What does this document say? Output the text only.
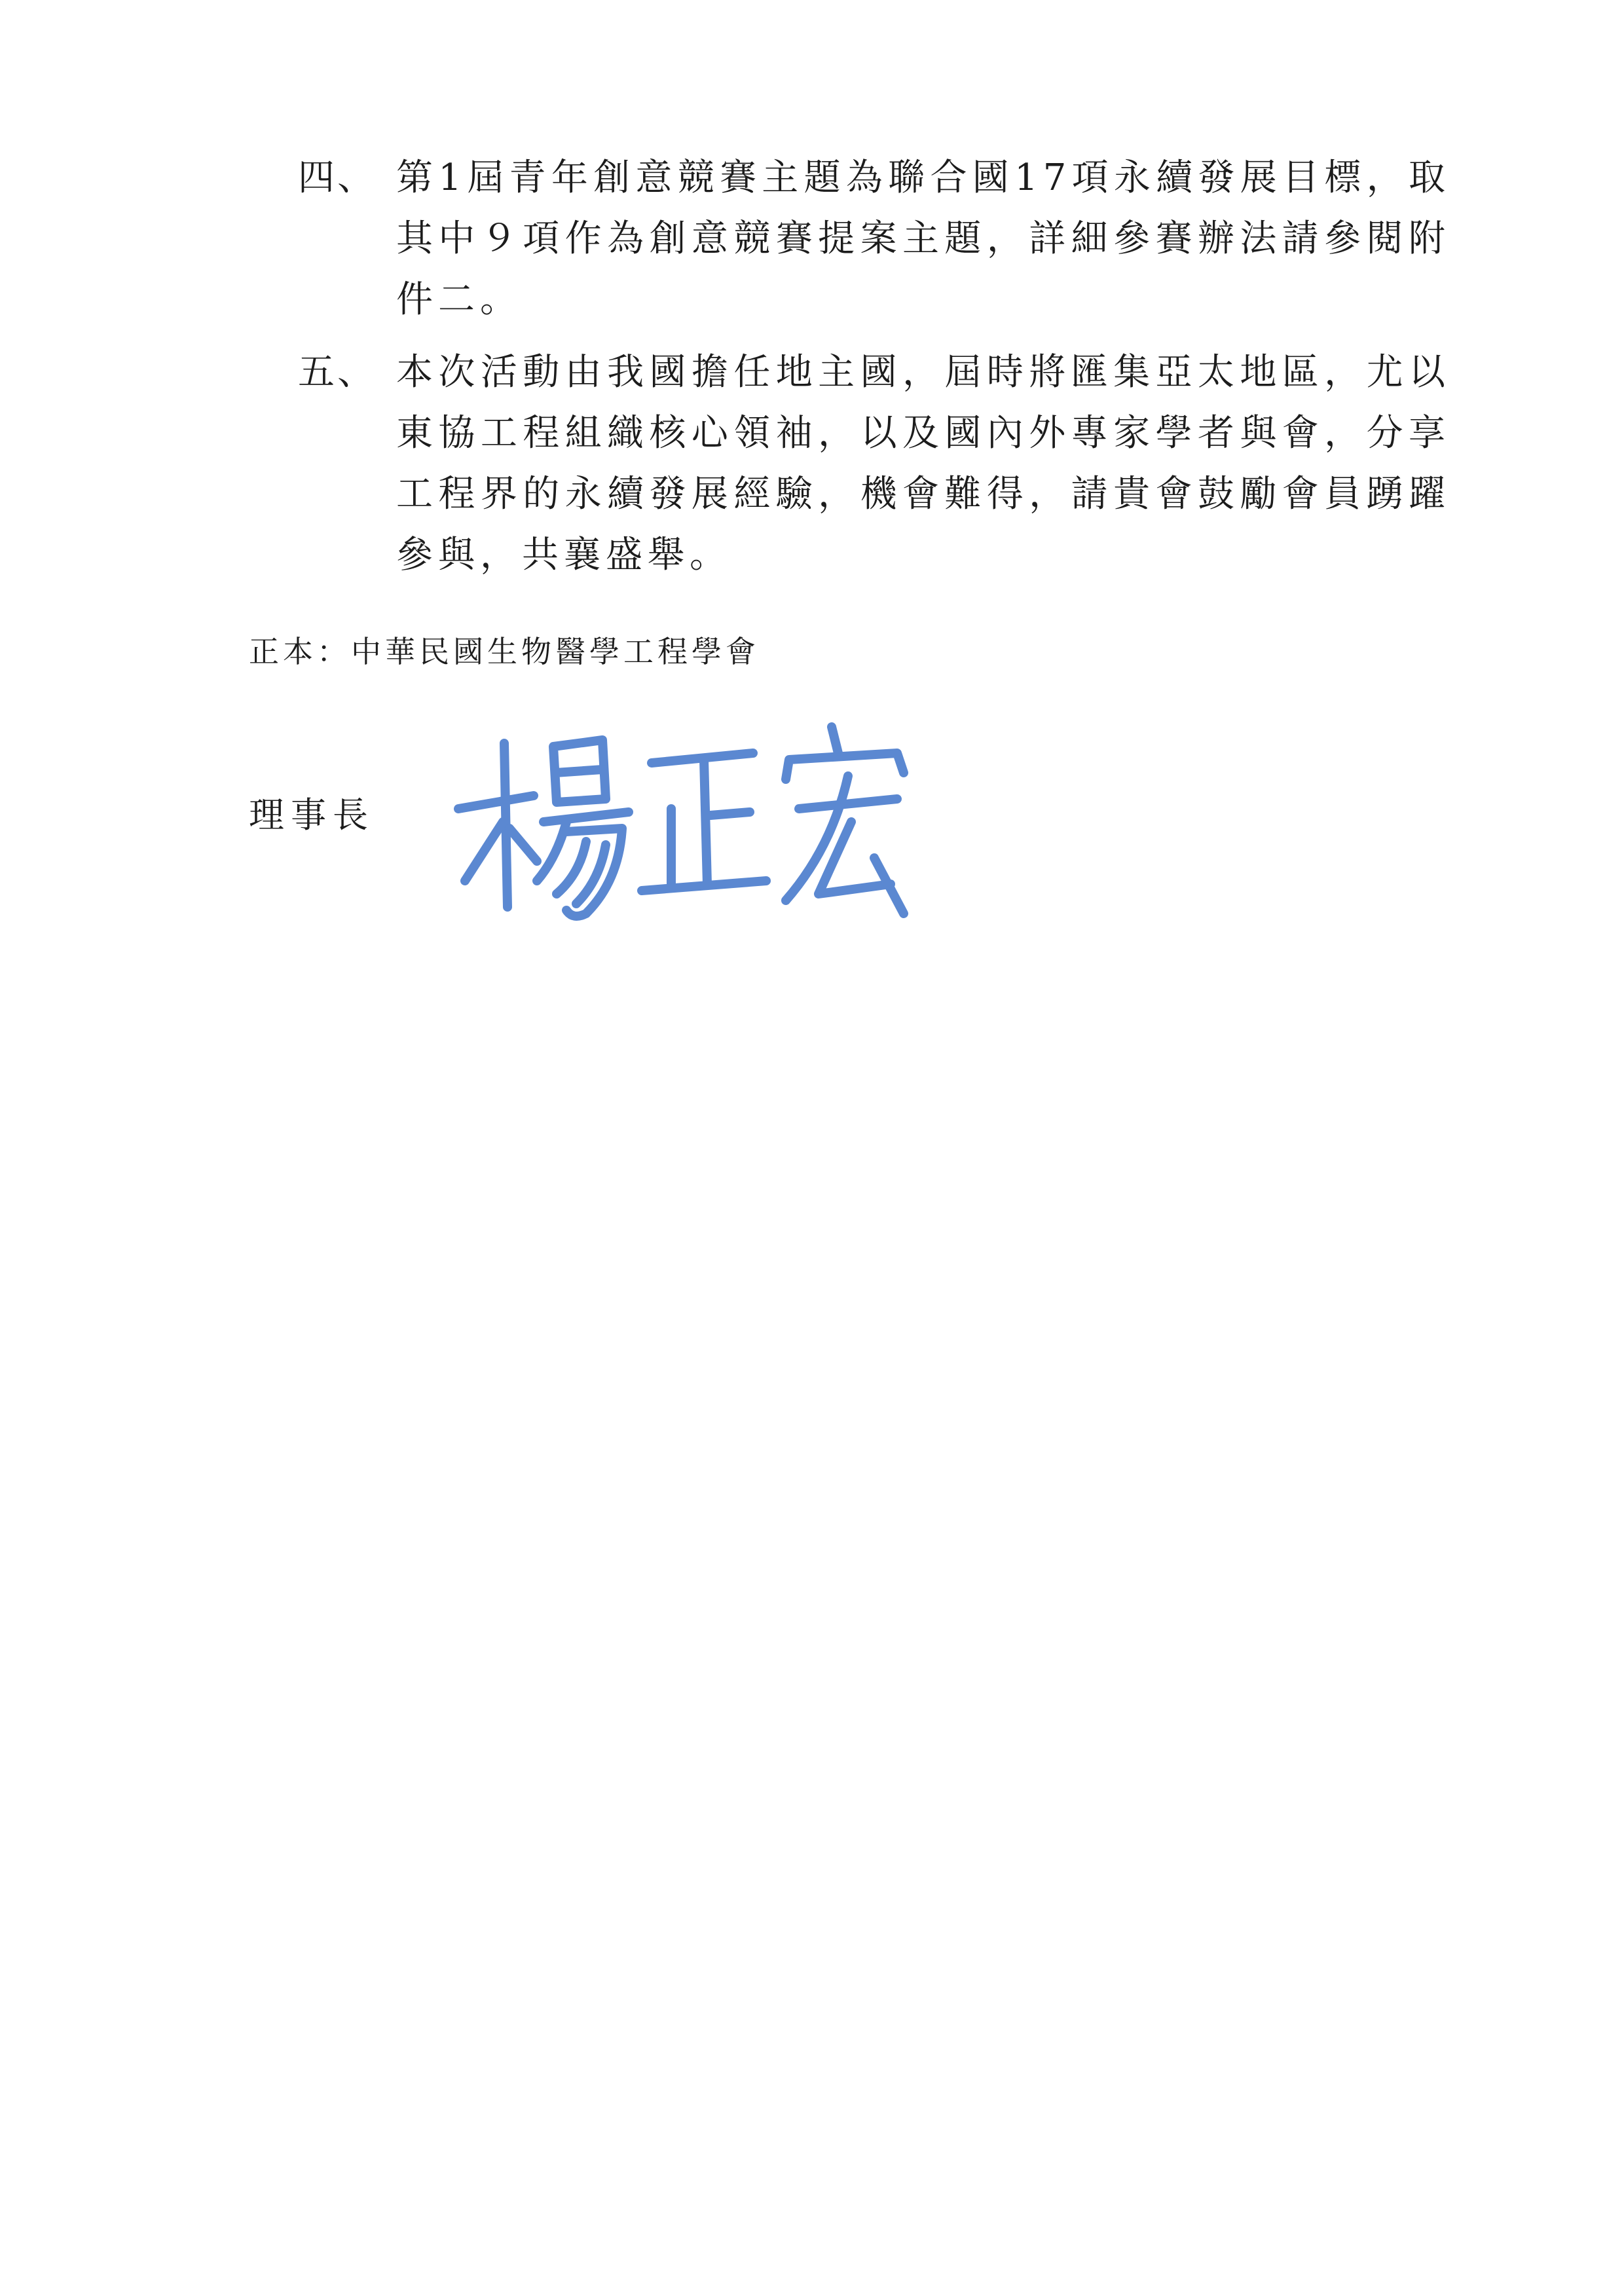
四、 第1屆青年創意競賽主題為聯合國17項永續發展目標，取其中９項作為創意競賽提案主題，詳細參賽辦法請參閱附件二。
五、 本次活動由我國擔任地主國，屆時將匯集亞太地區，尤以東協工程組織核心領袖，以及國內外專家學者與會，分享工程界的永續發展經驗，機會難得，請貴會鼓勵會員踴躍參與，共襄盛舉。
正本：中華民國生物醫學工程學會
理事長
